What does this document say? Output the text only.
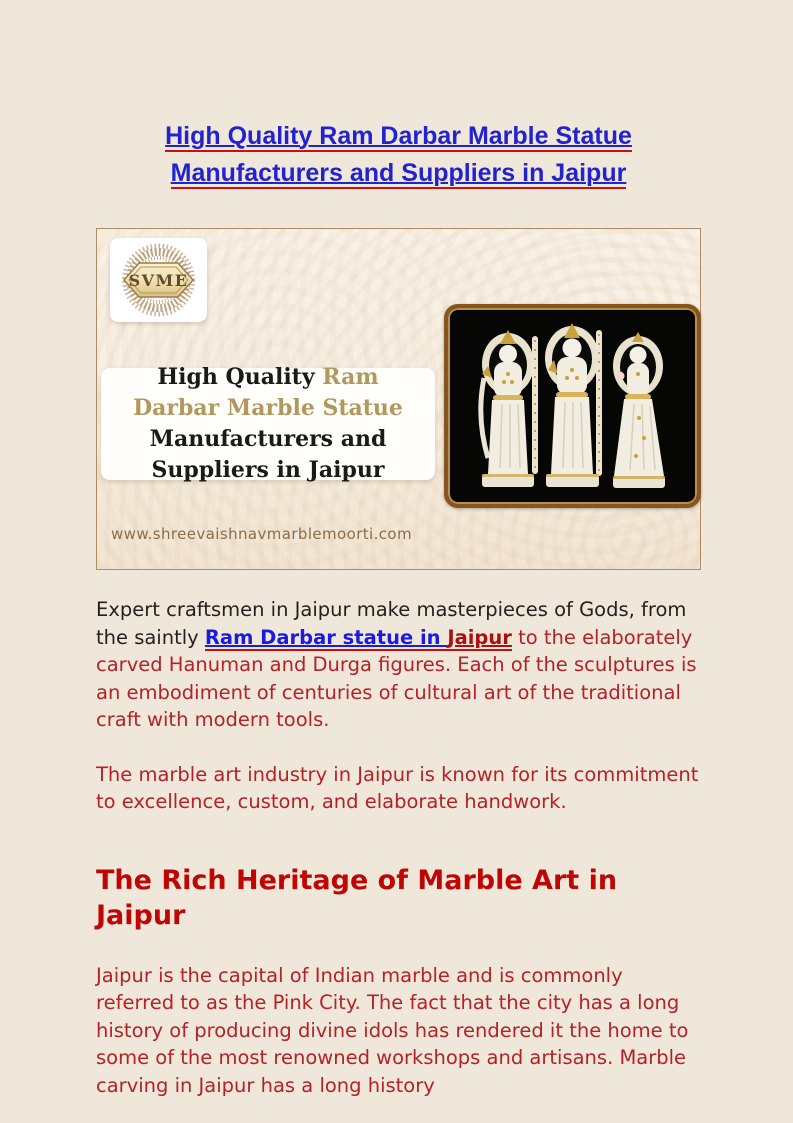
High Quality Ram Darbar Marble Statue
Manufacturers and Suppliers in Jaipur
SVME
High Quality Ram Darbar Marble Statue Manufacturers and Suppliers in Jaipur
www.shreevaishnavmarblemoorti.com

Expert craftsmen in Jaipur make masterpieces of Gods, from the saintly Ram Darbar statue in Jaipur to the elaborately carved Hanuman and Durga figures. Each of the sculptures is an embodiment of centuries of cultural art of the traditional craft with modern tools.

The marble art industry in Jaipur is known for its commitment to excellence, custom, and elaborate handwork.

The Rich Heritage of Marble Art in Jaipur

Jaipur is the capital of Indian marble and is commonly referred to as the Pink City. The fact that the city has a long history of producing divine idols has rendered it the home to some of the most renowned workshops and artisans. Marble carving in Jaipur has a long history
